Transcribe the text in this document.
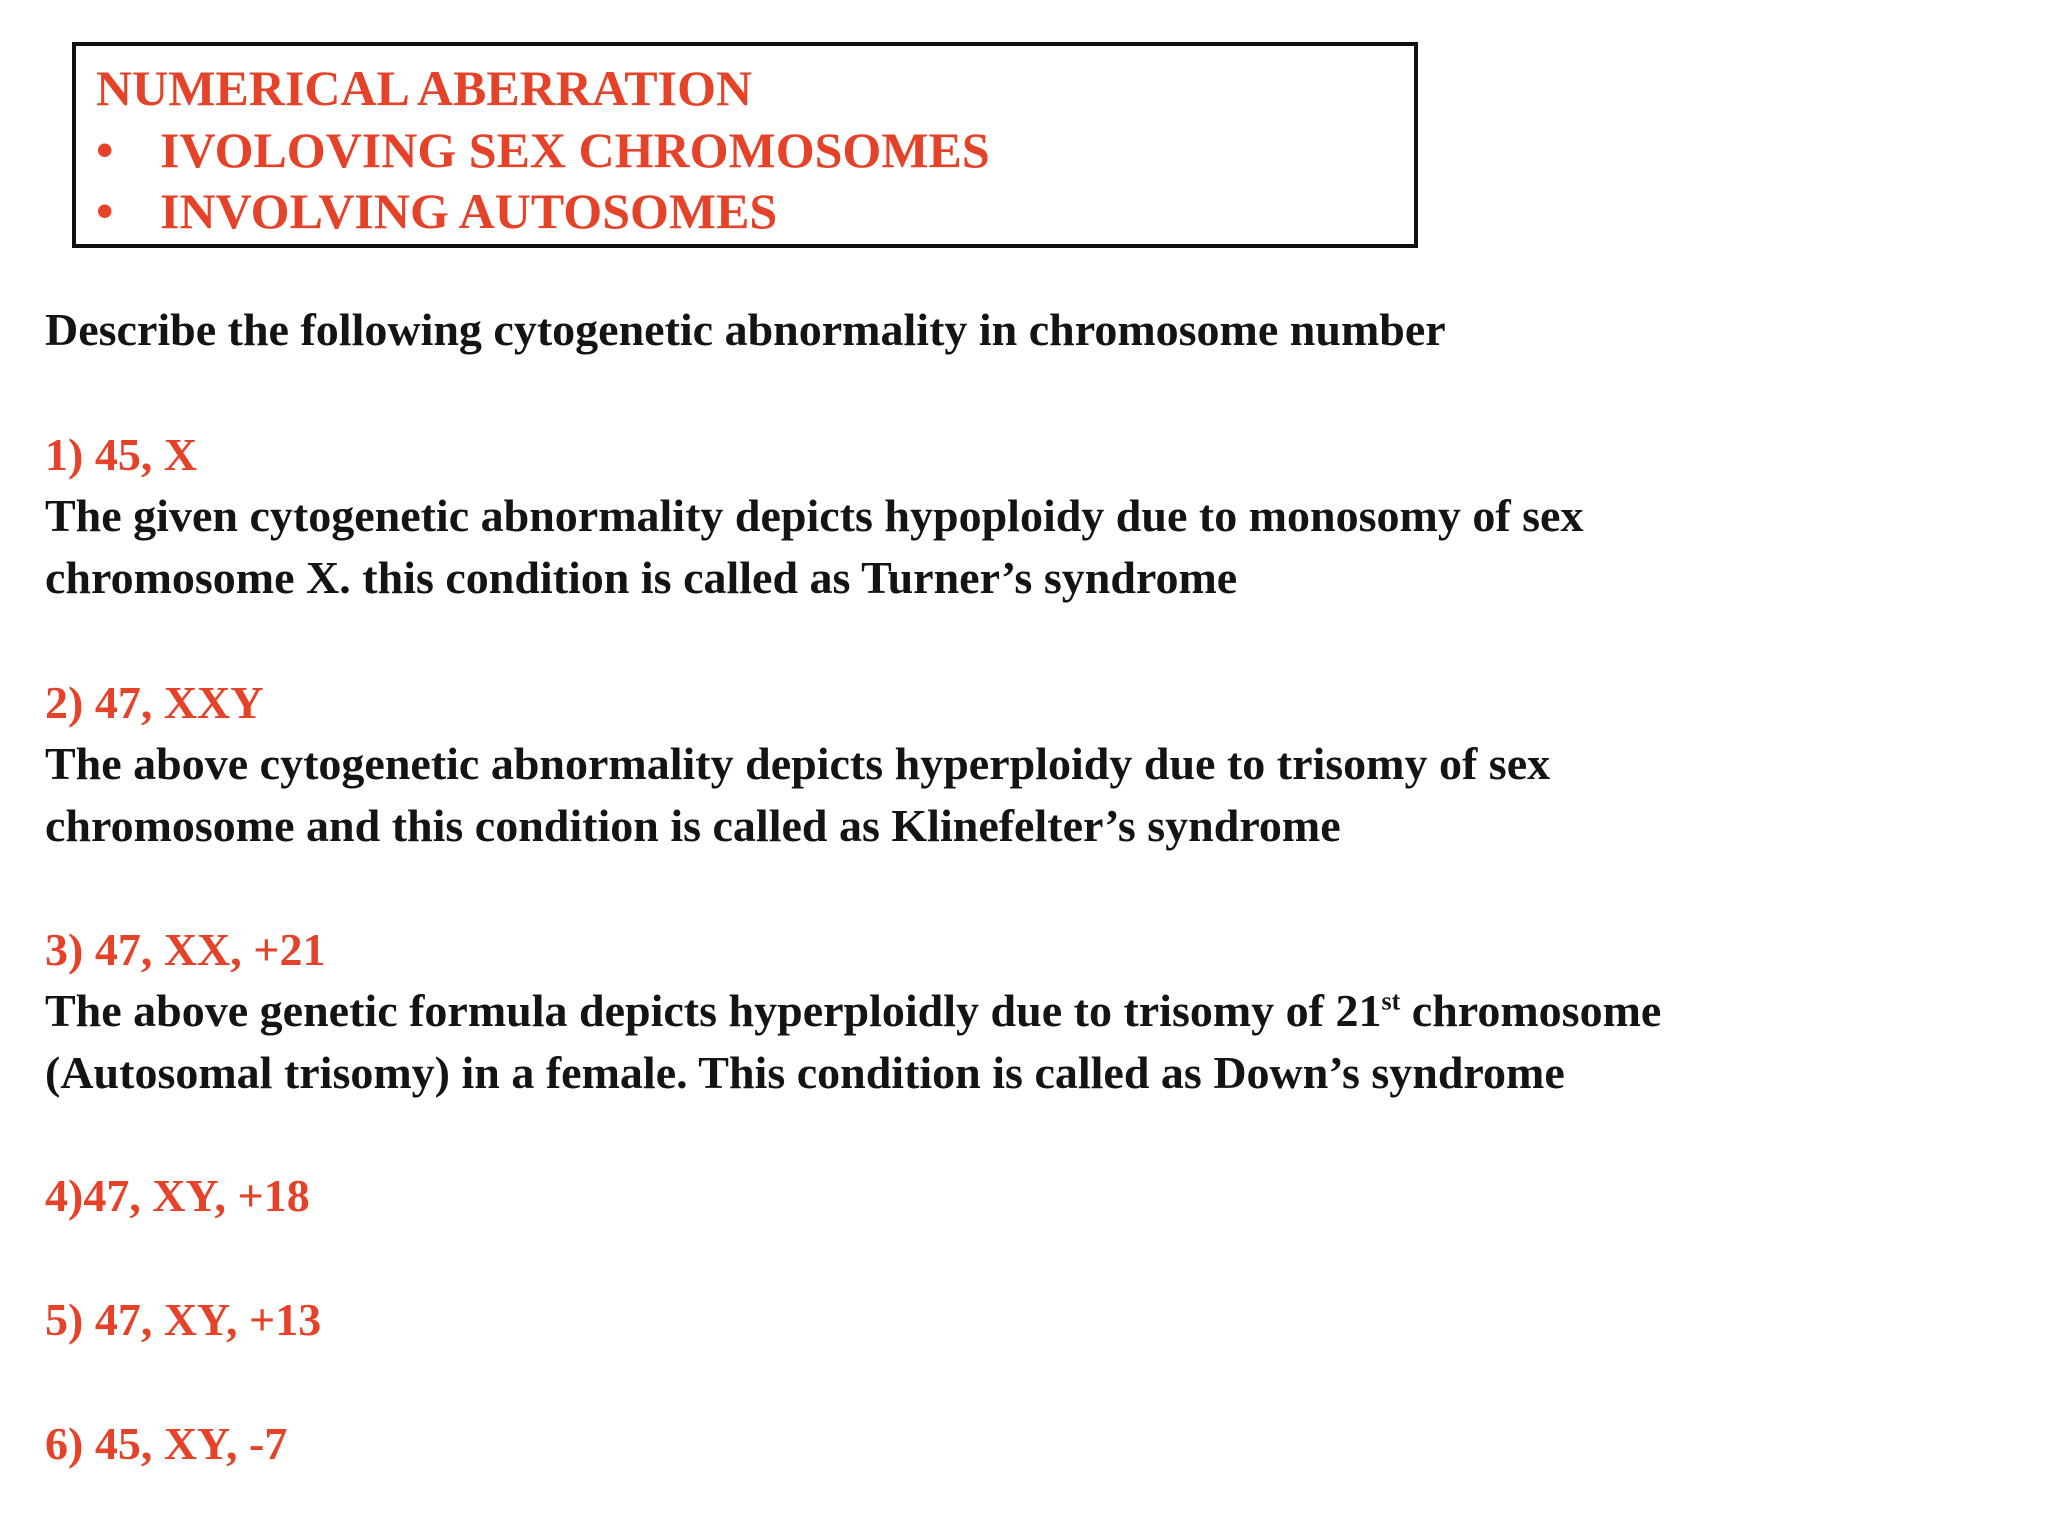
NUMERICAL ABERRATION
• IVOLOVING SEX CHROMOSOMES
• INVOLVING AUTOSOMES
Describe the following cytogenetic abnormality in chromosome number
1) 45, X
The given cytogenetic abnormality depicts hypoploidy due to monosomy of sex
chromosome X. this condition is called as Turner’s syndrome
2) 47, XXY
The above cytogenetic abnormality depicts hyperploidy due to trisomy of sex
chromosome and this condition is called as Klinefelter’s syndrome
3) 47, XX, +21
The above genetic formula depicts hyperploidly due to trisomy of 21st chromosome
(Autosomal trisomy) in a female. This condition is called as Down’s syndrome
4)47, XY, +18
5) 47, XY, +13
6) 45, XY, -7
